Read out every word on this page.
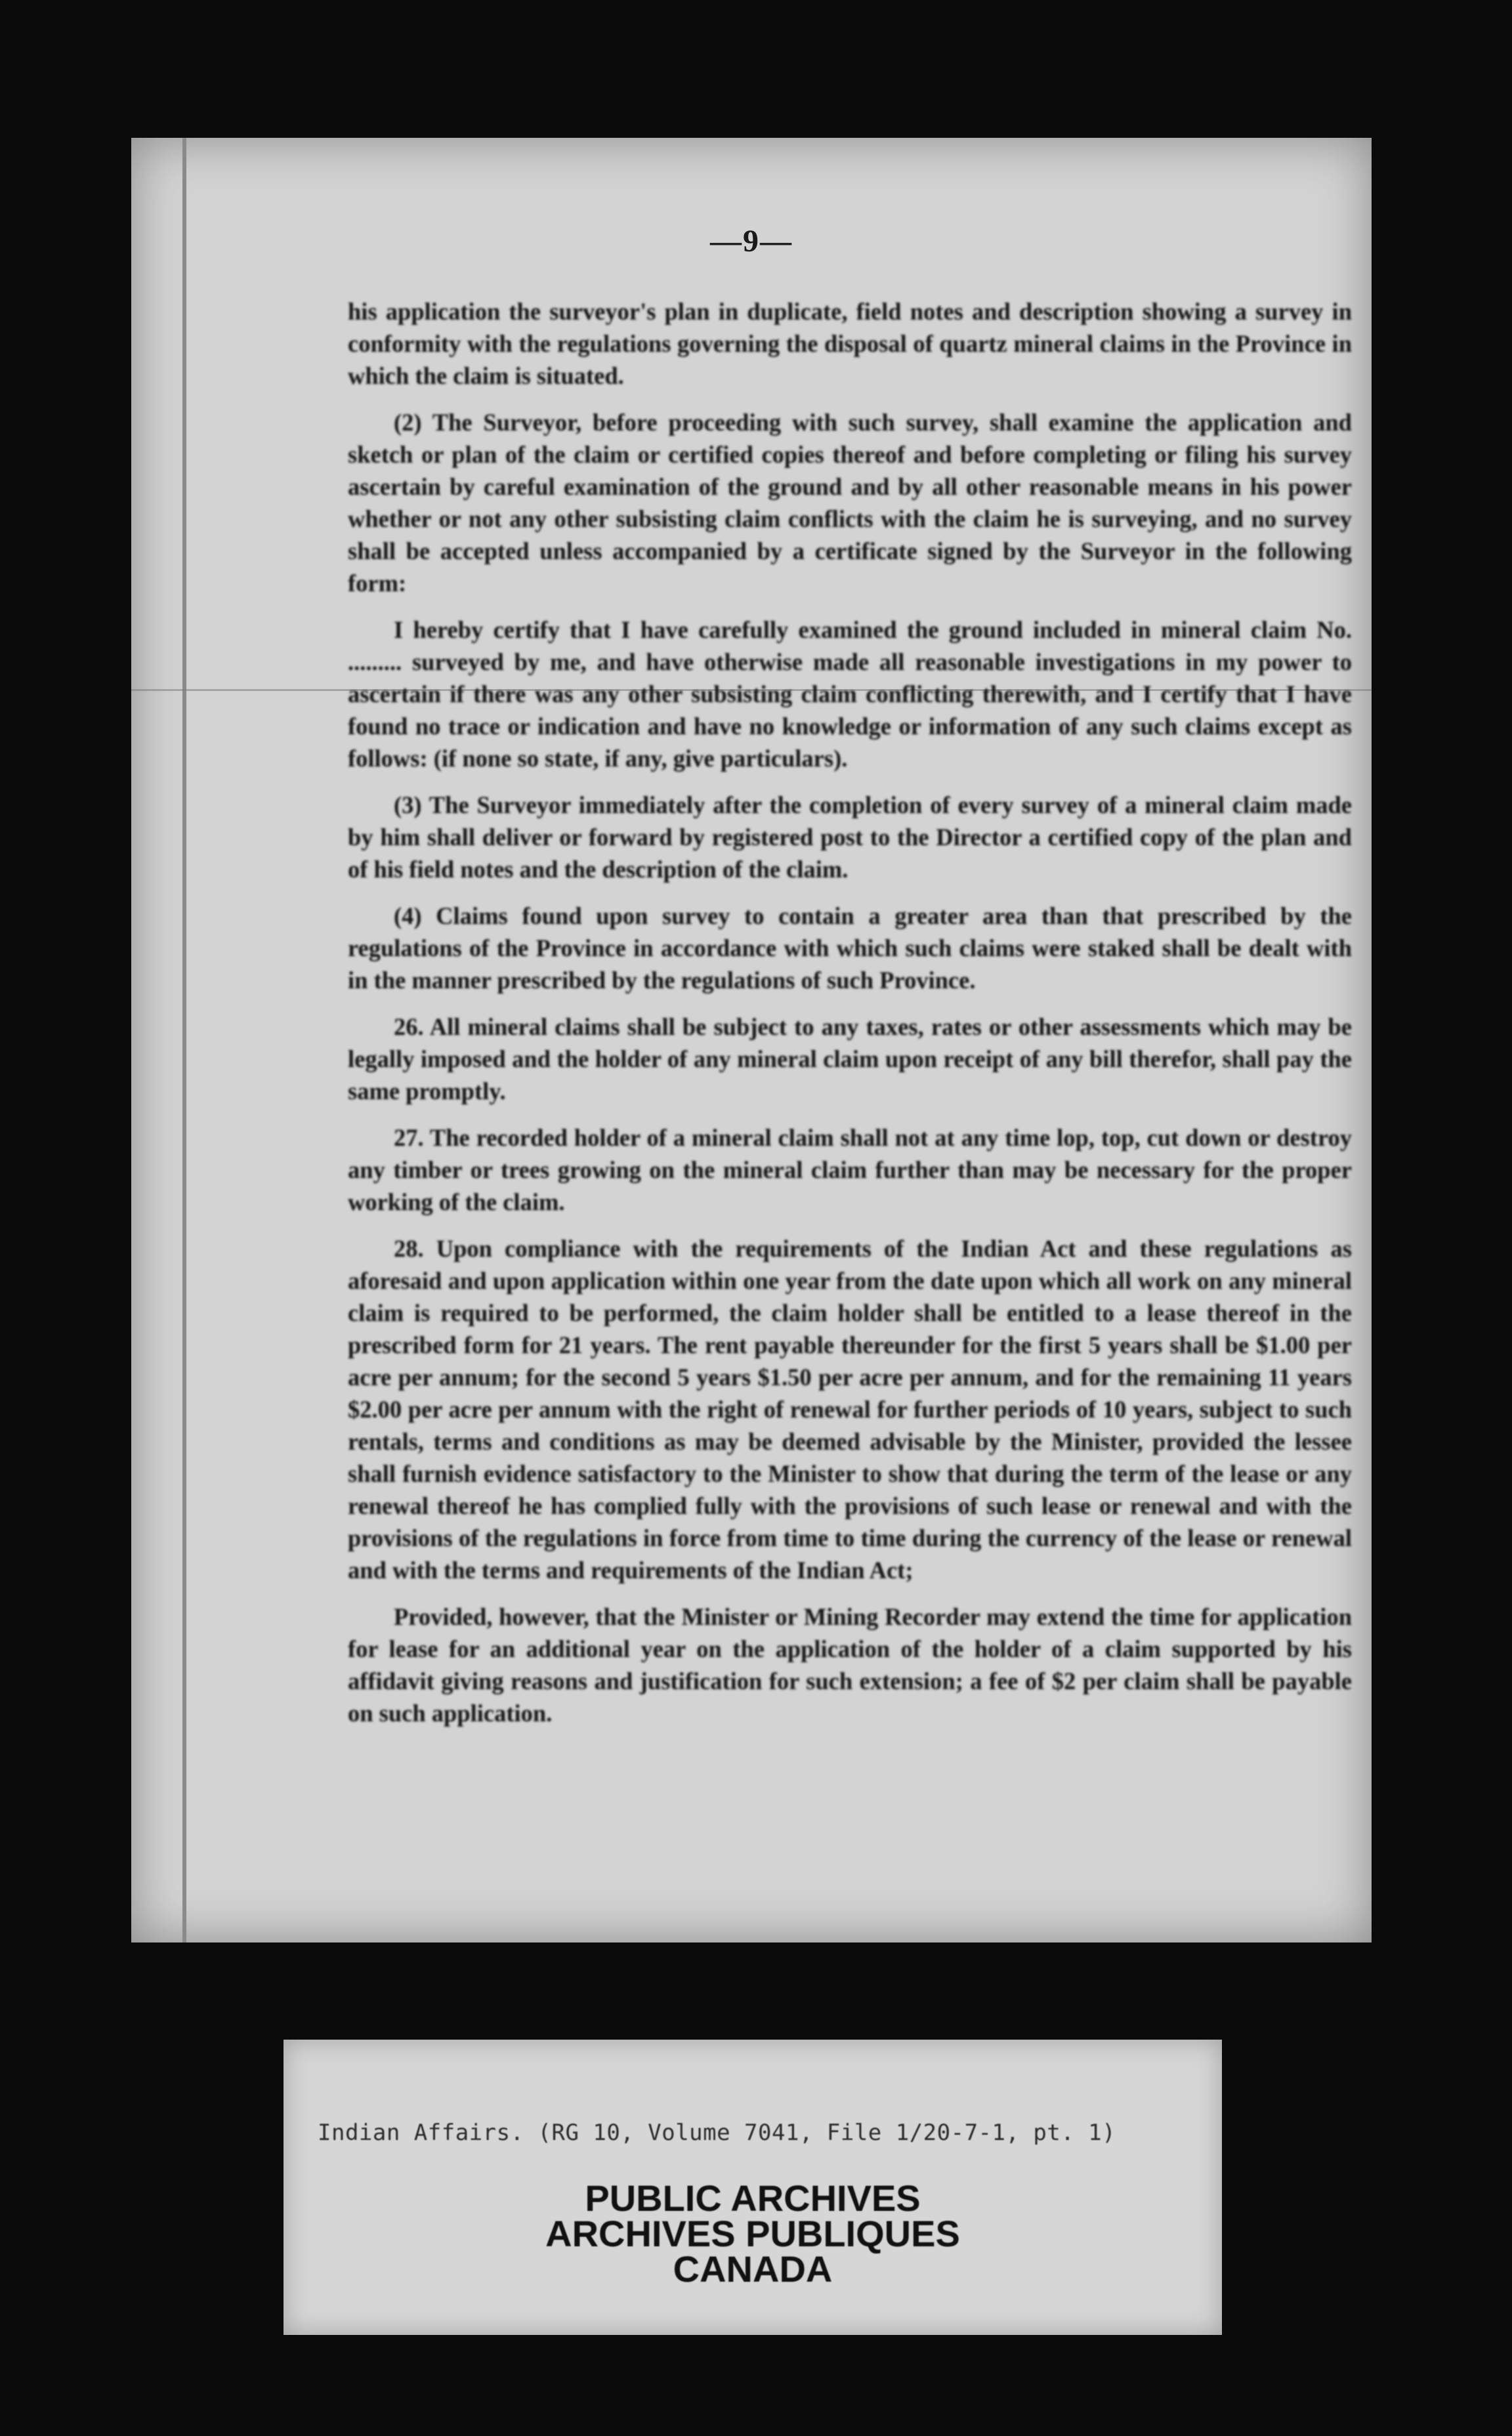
—9—

his application the surveyor's plan in duplicate, field notes and description showing a survey in conformity with the regulations governing the disposal of quartz mineral claims in the Province in which the claim is situated.

(2) The Surveyor, before proceeding with such survey, shall examine the application and sketch or plan of the claim or certified copies thereof and before completing or filing his survey ascertain by careful examination of the ground and by all other reasonable means in his power whether or not any other subsisting claim conflicts with the claim he is surveying, and no survey shall be accepted unless accompanied by a certificate signed by the Surveyor in the following form:

I hereby certify that I have carefully examined the ground included in mineral claim No. ......... surveyed by me, and have otherwise made all reasonable investigations in my power to ascertain if there was any other subsisting claim conflicting therewith, and I certify that I have found no trace or indication and have no knowledge or information of any such claims except as follows: (if none so state, if any, give particulars).

(3) The Surveyor immediately after the completion of every survey of a mineral claim made by him shall deliver or forward by registered post to the Director a certified copy of the plan and of his field notes and the description of the claim.

(4) Claims found upon survey to contain a greater area than that prescribed by the regulations of the Province in accordance with which such claims were staked shall be dealt with in the manner prescribed by the regulations of such Province.

26. All mineral claims shall be subject to any taxes, rates or other assessments which may be legally imposed and the holder of any mineral claim upon receipt of any bill therefor, shall pay the same promptly.

27. The recorded holder of a mineral claim shall not at any time lop, top, cut down or destroy any timber or trees growing on the mineral claim further than may be necessary for the proper working of the claim.

28. Upon compliance with the requirements of the Indian Act and these regulations as aforesaid and upon application within one year from the date upon which all work on any mineral claim is required to be performed, the claim holder shall be entitled to a lease thereof in the prescribed form for 21 years. The rent payable thereunder for the first 5 years shall be $1.00 per acre per annum; for the second 5 years $1.50 per acre per annum, and for the remaining 11 years $2.00 per acre per annum with the right of renewal for further periods of 10 years, subject to such rentals, terms and conditions as may be deemed advisable by the Minister, provided the lessee shall furnish evidence satisfactory to the Minister to show that during the term of the lease or any renewal thereof he has complied fully with the provisions of such lease or renewal and with the provisions of the regulations in force from time to time during the currency of the lease or renewal and with the terms and requirements of the Indian Act;

Provided, however, that the Minister or Mining Recorder may extend the time for application for lease for an additional year on the application of the holder of a claim supported by his affidavit giving reasons and justification for such extension; a fee of $2 per claim shall be payable on such application.

Indian Affairs. (RG 10, Volume 7041, File 1/20-7-1, pt. 1)
PUBLIC ARCHIVES
ARCHIVES PUBLIQUES
CANADA
